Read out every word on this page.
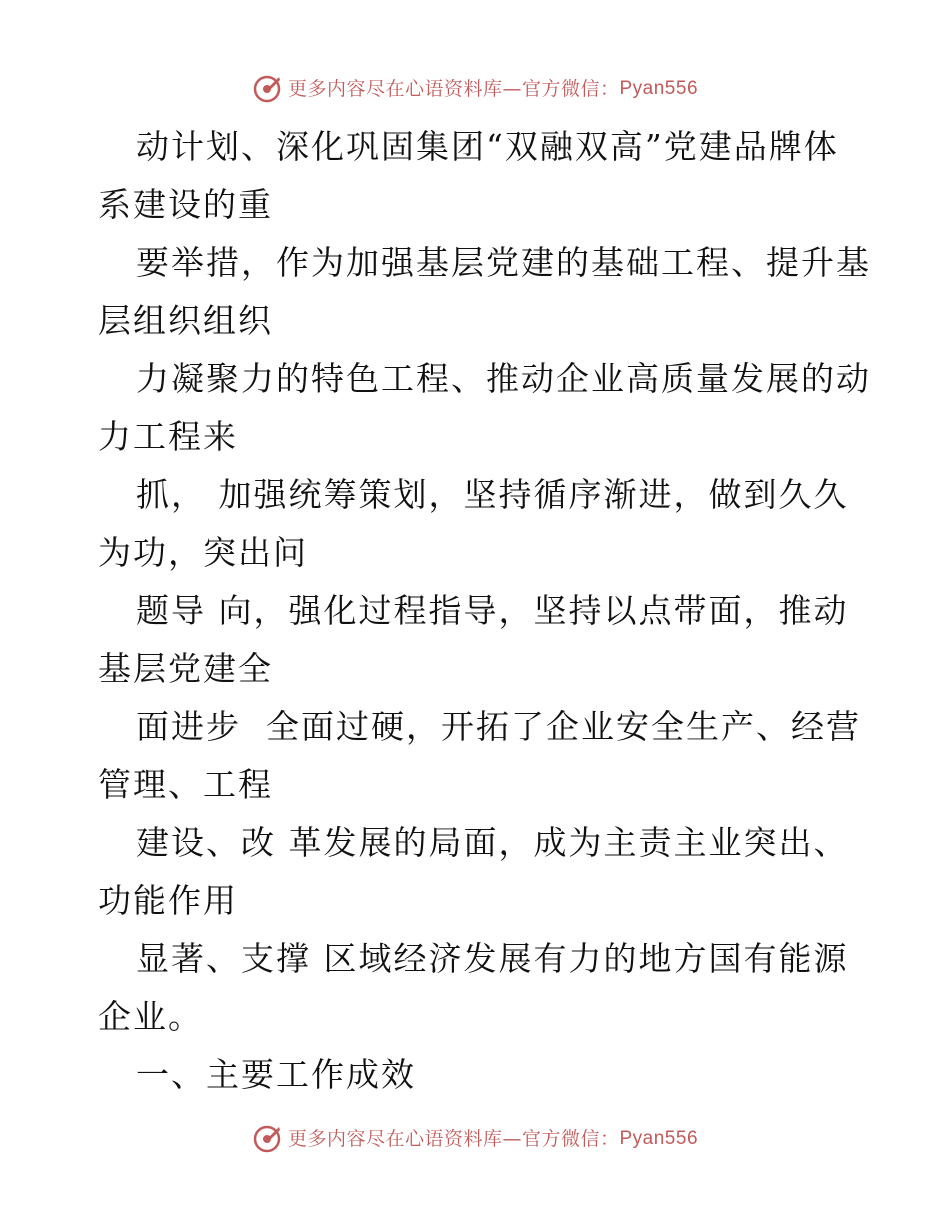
更多内容尽在心语资料库 — 官方微信： Pyan556

动计划、深化巩固集团“双融双高”党建品牌体
系建设的重

要举措，作为加强基层党建的基础工程、提升基
层组织组织

力凝聚力的特色工程、推动企业高质量发展的动
力工程来

抓， 加强统筹策划，坚持循序渐进，做到久久
为功，突出问

题导 向，强化过程指导，坚持以点带面，推动
基层党建全

面进步  全面过硬，开拓了企业安全生产、经营
管理、工程

建设、改 革发展的局面，成为主责主业突出、
功能作用

显著、支撑 区域经济发展有力的地方国有能源
企业。

一、主要工作成效

更多内容尽在心语资料库 — 官方微信： Pyan556
